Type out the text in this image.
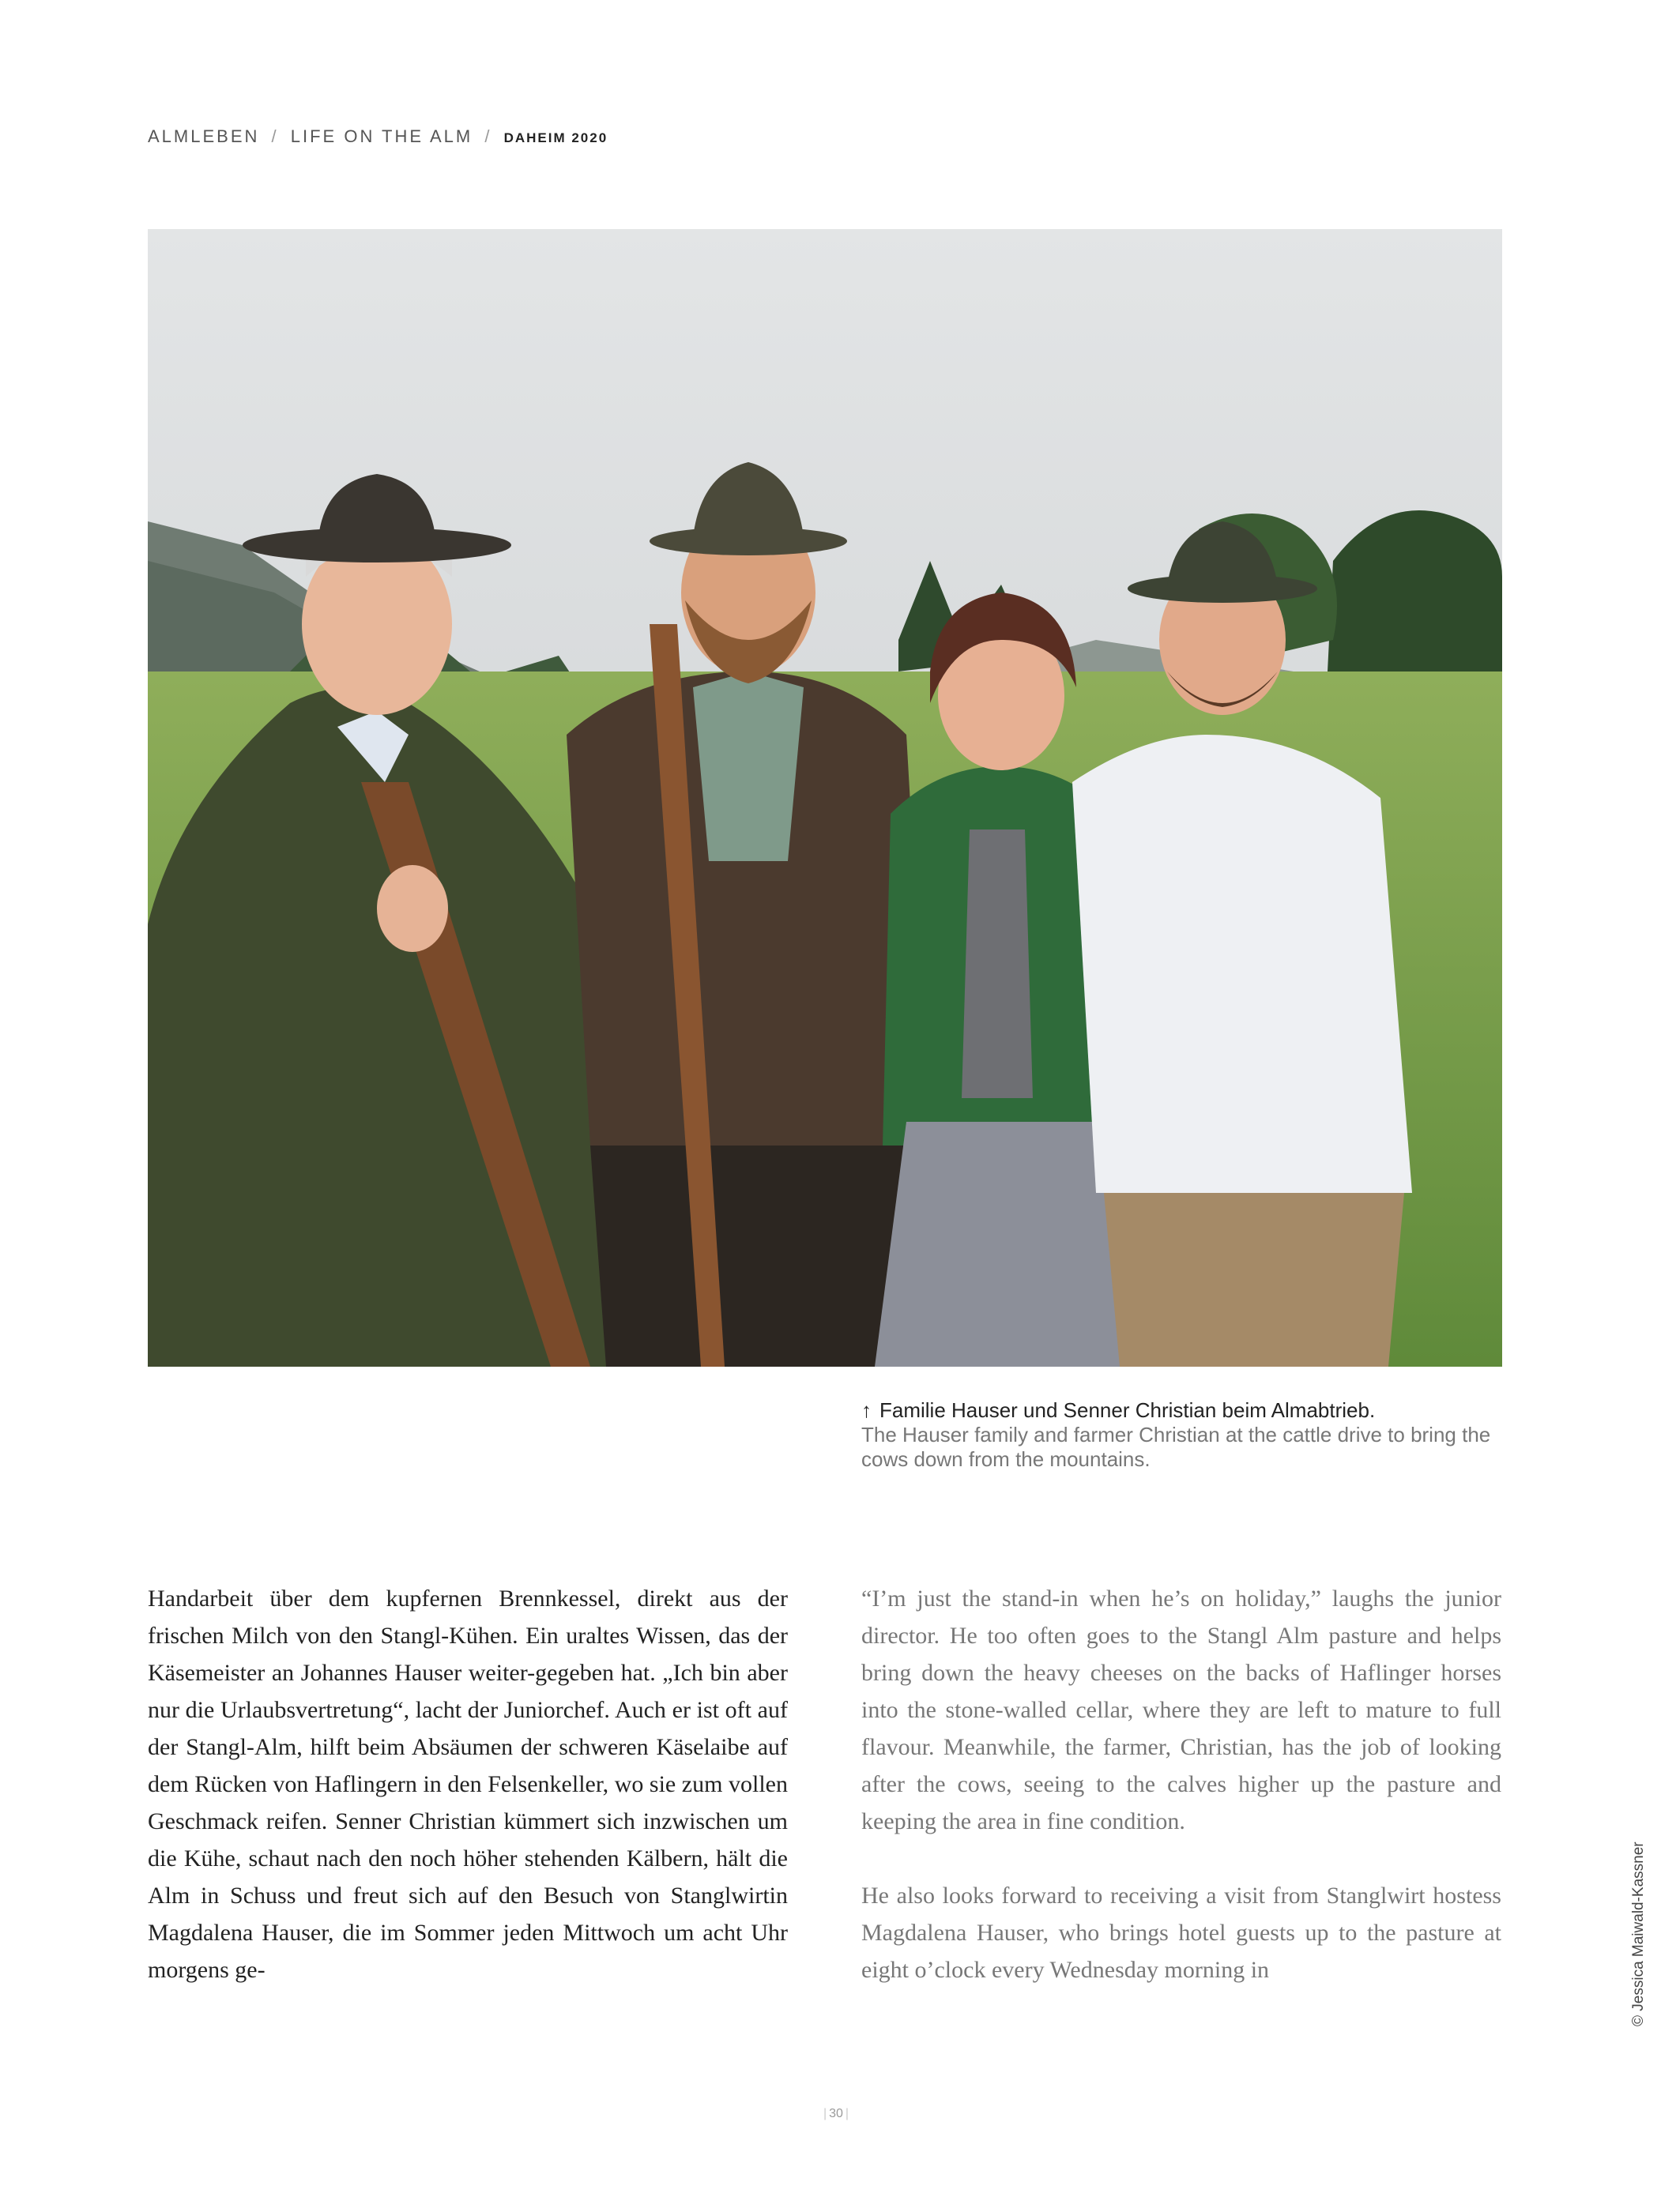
ALMLEBEN / LIFE ON THE ALM / DAHEIM 2020
↑ Familie Hauser und Senner Christian beim Almabtrieb.
The Hauser family and farmer Christian at the cattle drive to bring the cows down from the mountains.

Handarbeit über dem kupfernen Brennkessel, direkt aus der frischen Milch von den Stangl-Kühen. Ein uraltes Wissen, das der Käsemeister an Johannes Hauser weiter-gegeben hat. „Ich bin aber nur die Urlaubsvertretung“, lacht der Juniorchef. Auch er ist oft auf der Stangl-Alm, hilft beim Absäumen der schweren Käselaibe auf dem Rücken von Haflingern in den Felsenkeller, wo sie zum vollen Geschmack reifen. Senner Christian kümmert sich inzwischen um die Kühe, schaut nach den noch höher stehenden Kälbern, hält die Alm in Schuss und freut sich auf den Besuch von Stanglwirtin Magdalena Hauser, die im Sommer jeden Mittwoch um acht Uhr morgens ge-

“I’m just the stand-in when he’s on holiday,” laughs the junior director. He too often goes to the Stangl Alm pasture and helps bring down the heavy cheeses on the backs of Haflinger horses into the stone-walled cellar, where they are left to mature to full flavour. Meanwhile, the farmer, Christian, has the job of looking after the cows, seeing to the calves higher up the pasture and keeping the area in fine condition.

He also looks forward to receiving a visit from Stanglwirt hostess Magdalena Hauser, who brings hotel guests up to the pasture at eight o’clock every Wednesday morning in	© Jessica Maiwald-Kassner
| 30 |
